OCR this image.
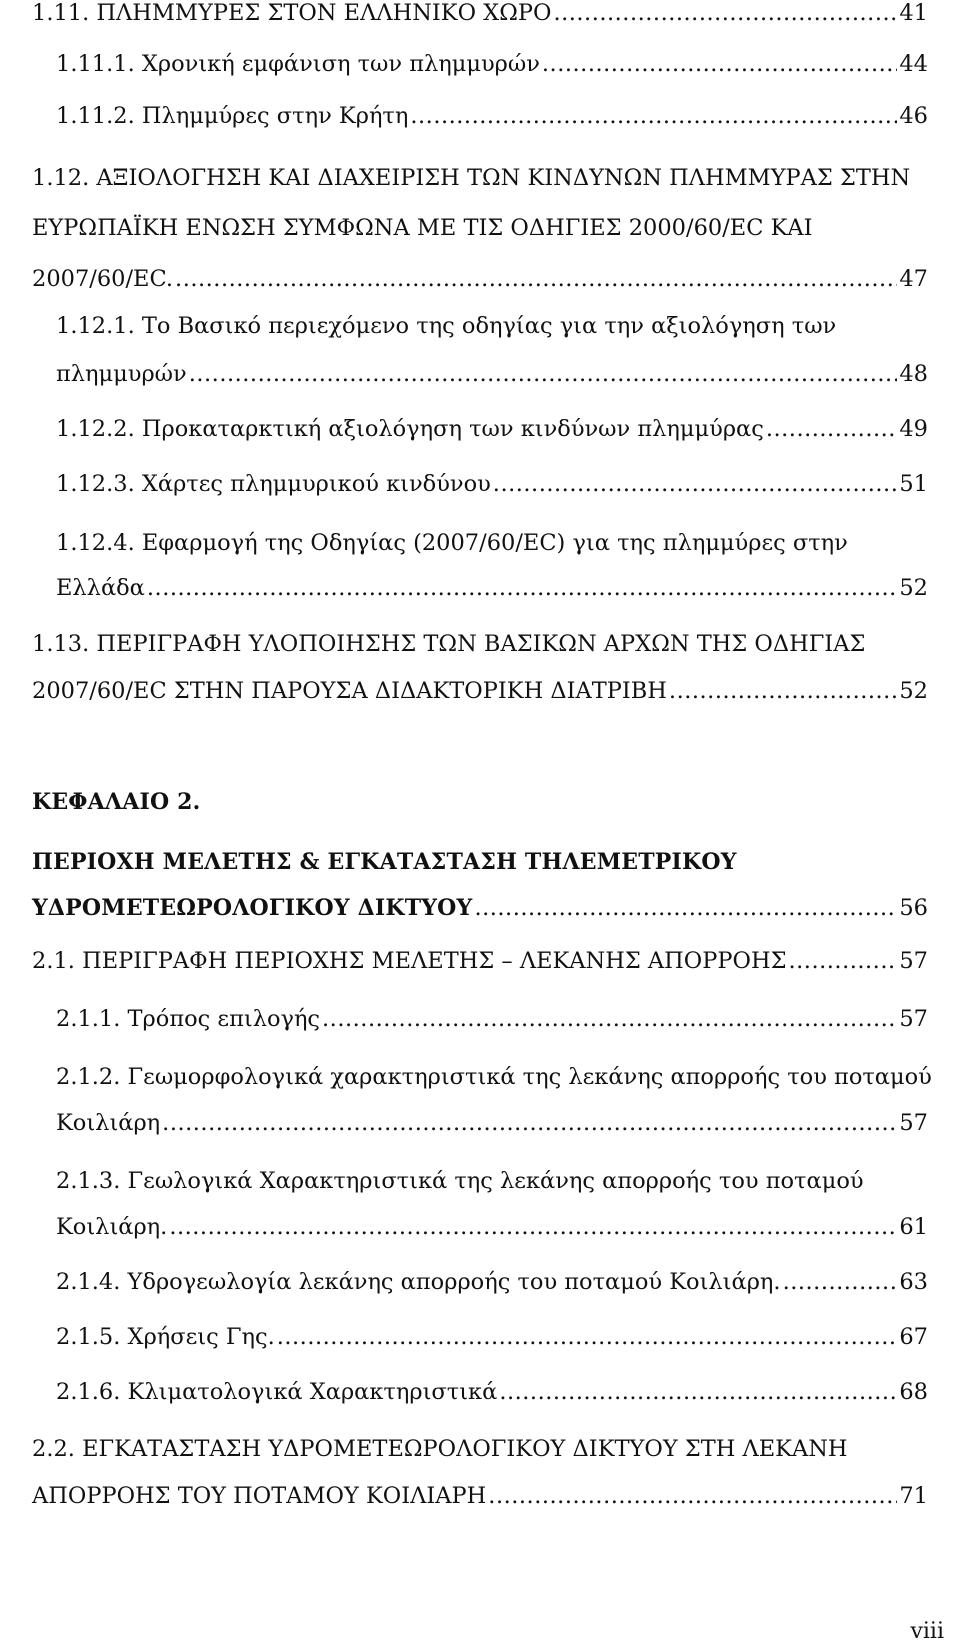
1.11. ΠΛΗΜΜΥΡΕΣ ΣΤΟΝ ΕΛΛΗΝΙΚΟ ΧΩΡΟ .....	41
1.11.1. Χρονική εμφάνιση των πλημμυρών .....	44
1.11.2. Πλημμύρες στην Κρήτη .....	46
1.12. ΑΞΙΟΛΟΓΗΣΗ ΚΑΙ ΔΙΑΧΕΙΡΙΣΗ ΤΩΝ ΚΙΝΔΥΝΩΝ ΠΛΗΜΜΥΡΑΣ ΣΤΗΝ
ΕΥΡΩΠΑΪΚΗ ΕΝΩΣΗ ΣΥΜΦΩΝΑ ΜΕ ΤΙΣ ΟΔΗΓΙΕΣ 2000/60/ΕC ΚΑΙ
2007/60/ΕC. .....	47
1.12.1. Το Βασικό περιεχόμενο της οδηγίας για την αξιολόγηση των
πλημμυρών .....	48
1.12.2. Προκαταρκτική αξιολόγηση των κινδύνων πλημμύρας .....	49
1.12.3. Χάρτες πλημμυρικού κινδύνου .....	51
1.12.4. Εφαρμογή της Οδηγίας (2007/60/EC) για της πλημμύρες στην
Ελλάδα .....	52
1.13. ΠΕΡΙΓΡΑΦΗ ΥΛΟΠΟΙΗΣΗΣ ΤΩΝ ΒΑΣΙΚΩΝ ΑΡΧΩΝ ΤΗΣ ΟΔΗΓΙΑΣ
2007/60/ΕC ΣΤΗΝ ΠΑΡΟΥΣΑ ΔΙΔΑΚΤΟΡΙΚΗ ΔΙΑΤΡΙΒΗ .....	52
ΚΕΦΑΛΑΙΟ 2.
ΠΕΡΙΟΧΗ ΜΕΛΕΤΗΣ & ΕΓΚΑΤΑΣΤΑΣΗ ΤΗΛΕΜΕΤΡΙΚΟΥ
ΥΔΡΟΜΕΤΕΩΡΟΛΟΓΙΚΟΥ ΔΙΚΤΥΟΥ .....	56
2.1. ΠΕΡΙΓΡΑΦΗ ΠΕΡΙΟΧΗΣ ΜΕΛΕΤΗΣ – ΛΕΚΑΝΗΣ ΑΠΟΡΡΟΗΣ .....	57
2.1.1. Τρόπος επιλογής .....	57
2.1.2. Γεωμορφολογικά χαρακτηριστικά της λεκάνης απορροής του ποταμού
Κοιλιάρη .....	57
2.1.3. Γεωλογικά Χαρακτηριστικά της λεκάνης απορροής του ποταμού
Κοιλιάρη. .....	61
2.1.4. Υδρογεωλογία λεκάνης απορροής του ποταμού Κοιλιάρη. .....	63
2.1.5. Χρήσεις Γης. .....	67
2.1.6. Κλιματολογικά Χαρακτηριστικά .....	68
2.2. ΕΓΚΑΤΑΣΤΑΣΗ ΥΔΡΟΜΕΤΕΩΡΟΛΟΓΙΚΟΥ ΔΙΚΤΥΟΥ ΣΤΗ ΛΕΚΑΝΗ
ΑΠΟΡΡΟΗΣ ΤΟΥ ΠΟΤΑΜΟΥ ΚΟΙΛΙΑΡΗ .....	71
viii
